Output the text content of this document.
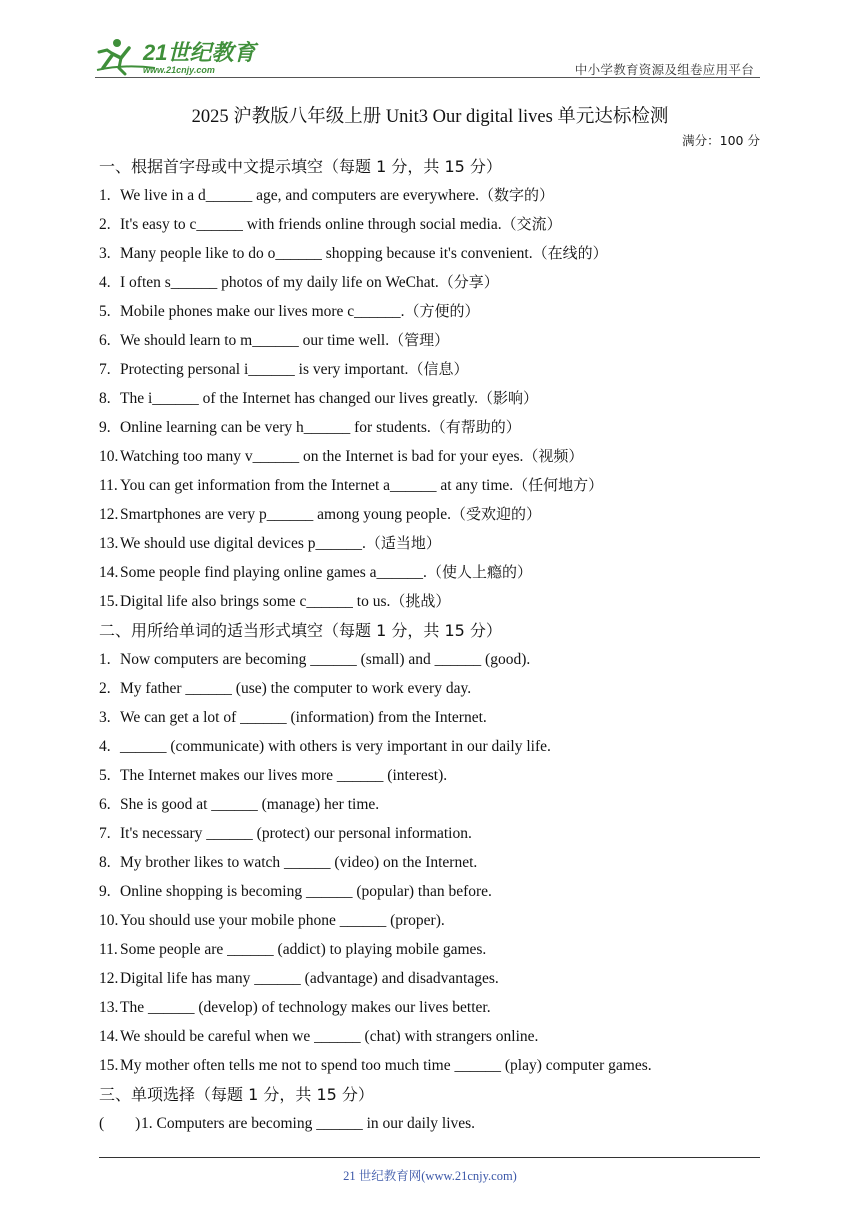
21世纪教育
www.21cnjy.com	中小学教育资源及组卷应用平台
2025 沪教版八年级上册 Unit3 Our digital lives 单元达标检测
满分：100 分
一、根据首字母或中文提示填空（每题 1 分，共 15 分）
1. We live in a d______ age, and computers are everywhere.（数字的）
2. It's easy to c______ with friends online through social media.（交流）
3. Many people like to do o______ shopping because it's convenient.（在线的）
4. I often s______ photos of my daily life on WeChat.（分享）
5. Mobile phones make our lives more c______.（方便的）
6. We should learn to m______ our time well.（管理）
7. Protecting personal i______ is very important.（信息）
8. The i______ of the Internet has changed our lives greatly.（影响）
9. Online learning can be very h______ for students.（有帮助的）
10. Watching too many v______ on the Internet is bad for your eyes.（视频）
11. You can get information from the Internet a______ at any time.（任何地方）
12. Smartphones are very p______ among young people.（受欢迎的）
13. We should use digital devices p______.（适当地）
14. Some people find playing online games a______.（使人上瘾的）
15. Digital life also brings some c______ to us.（挑战）
二、用所给单词的适当形式填空（每题 1 分，共 15 分）
1. Now computers are becoming ______ (small) and ______ (good).
2. My father ______ (use) the computer to work every day.
3. We can get a lot of ______ (information) from the Internet.
4. ______ (communicate) with others is very important in our daily life.
5. The Internet makes our lives more ______ (interest).
6. She is good at ______ (manage) her time.
7. It's necessary ______ (protect) our personal information.
8. My brother likes to watch ______ (video) on the Internet.
9. Online shopping is becoming ______ (popular) than before.
10. You should use your mobile phone ______ (proper).
11. Some people are ______ (addict) to playing mobile games.
12. Digital life has many ______ (advantage) and disadvantages.
13. The ______ (develop) of technology makes our lives better.
14. We should be careful when we ______ (chat) with strangers online.
15. My mother often tells me not to spend too much time ______ (play) computer games.
三、单项选择（每题 1 分，共 15 分）
(　　)1. Computers are becoming ______ in our daily lives.
21 世纪教育网(www.21cnjy.com)
